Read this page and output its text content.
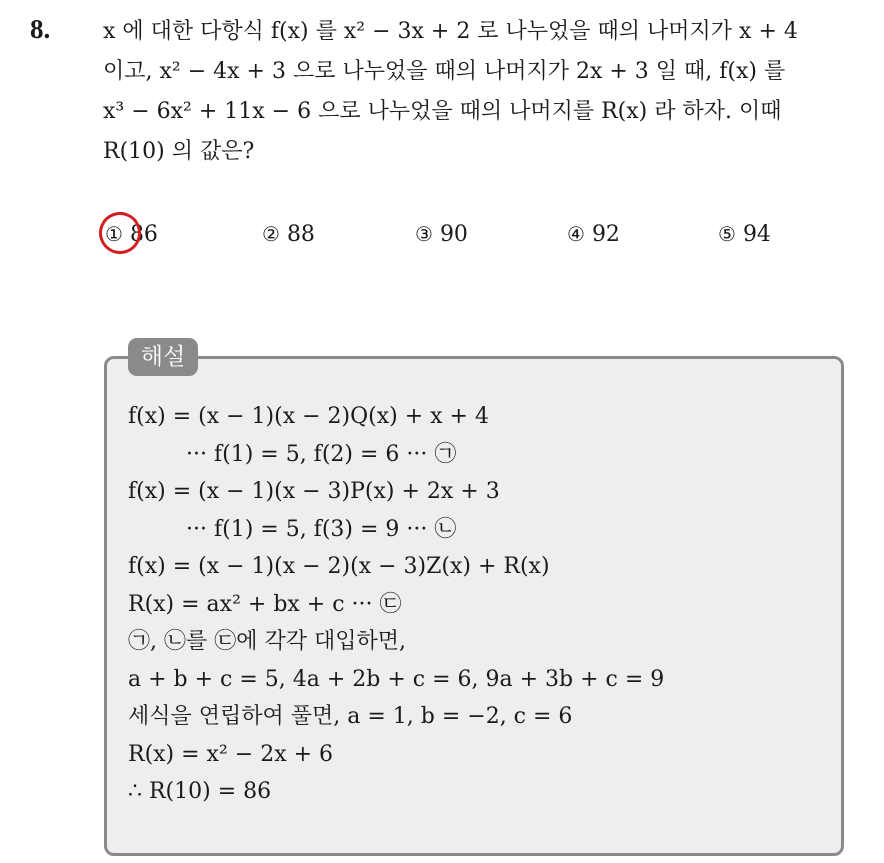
8. x 에 대한 다항식 f(x) 를 x² − 3x + 2 로 나누었을 때의 나머지가 x + 4

이고, x² − 4x + 3 으로 나누었을 때의 나머지가 2x + 3 일 때, f(x) 를

x³ − 6x² + 11x − 6 으로 나누었을 때의 나머지를 R(x) 라 하자. 이때

R(10) 의 값은?

① 86	② 88	③ 90	④ 92	⑤ 94
해설

f(x) = (x − 1)(x − 2)Q(x) + x + 4

··· f(1) = 5, f(2) = 6 ··· ㉠

f(x) = (x − 1)(x − 3)P(x) + 2x + 3

··· f(1) = 5, f(3) = 9 ··· ㉡

f(x) = (x − 1)(x − 2)(x − 3)Z(x) + R(x)

R(x) = ax² + bx + c ··· ㉢

㉠, ㉡를 ㉢에 각각 대입하면,

a + b + c = 5, 4a + 2b + c = 6, 9a + 3b + c = 9

세식을 연립하여 풀면, a = 1, b = −2, c = 6

R(x) = x² − 2x + 6

∴ R(10) = 86
